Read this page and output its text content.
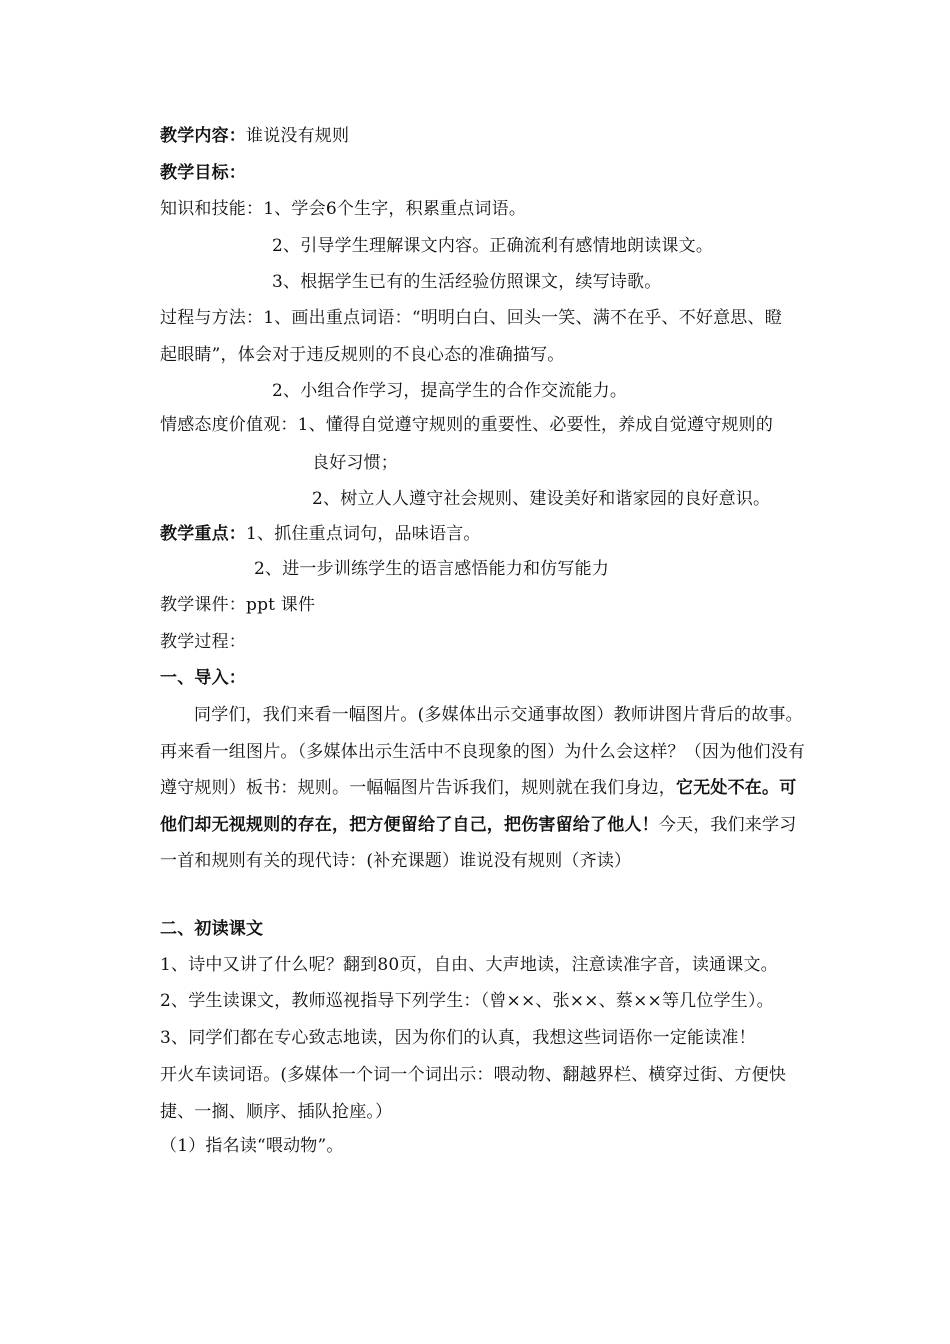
教学内容：谁说没有规则
教学目标：
知识和技能：1、学会6个生字，积累重点词语。
2、引导学生理解课文内容。正确流利有感情地朗读课文。
3、根据学生已有的生活经验仿照课文，续写诗歌。
过程与方法：1、画出重点词语：“明明白白、回头一笑、满不在乎、不好意思、瞪
起眼睛”，体会对于违反规则的不良心态的准确描写。
2、小组合作学习，提高学生的合作交流能力。
情感态度价值观：1、懂得自觉遵守规则的重要性、必要性，养成自觉遵守规则的
良好习惯；
2、树立人人遵守社会规则、建设美好和谐家园的良好意识。
教学重点：1、抓住重点词句，品味语言。
2、进一步训练学生的语言感悟能力和仿写能力
教学课件：ppt 课件
教学过程：
一、导入：
同学们，我们来看一幅图片。(多媒体出示交通事故图）教师讲图片背后的故事。再来看一组图片。（多媒体出示生活中不良现象的图）为什么会这样？（因为他们没有遵守规则）板书：规则。一幅幅图片告诉我们，规则就在我们身边，它无处不在。可他们却无视规则的存在，把方便留给了自己，把伤害留给了他人！今天，我们来学习一首和规则有关的现代诗：(补充课题）谁说没有规则（齐读）
二、初读课文
1、诗中又讲了什么呢？翻到80页，自由、大声地读，注意读准字音，读通课文。
2、学生读课文，教师巡视指导下列学生：（曾××、张××、蔡××等几位学生）。
3、同学们都在专心致志地读，因为你们的认真，我想这些词语你一定能读准！
开火车读词语。(多媒体一个词一个词出示：喂动物、翻越界栏、横穿过街、方便快捷、一搁、顺序、插队抢座。）
（1）指名读“喂动物”。
